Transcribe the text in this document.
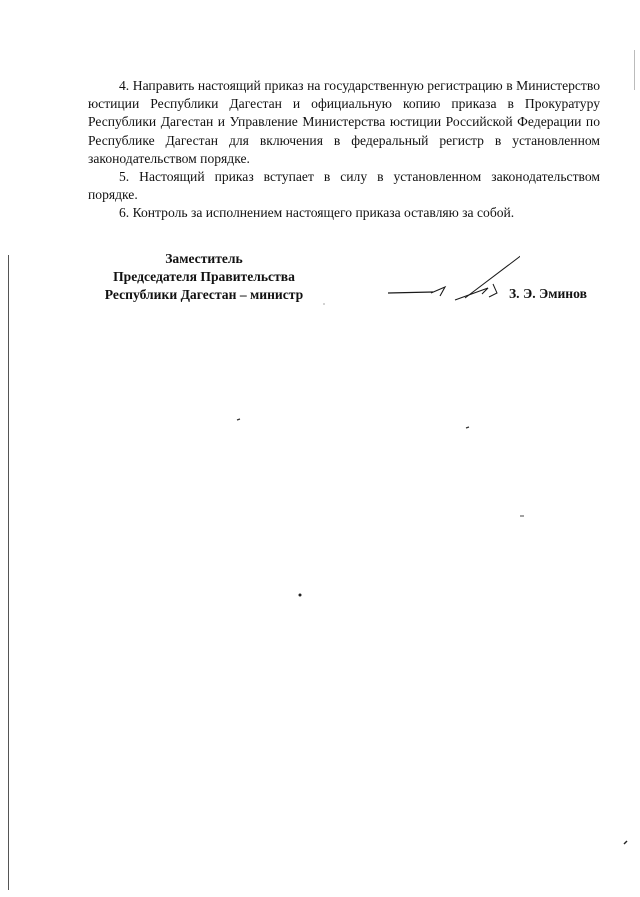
4. Направить настоящий приказ на государственную регистрацию в Министерство юстиции Республики Дагестан и официальную копию приказа в Прокуратуру Республики Дагестан и Управление Министерства юстиции Российской Федерации по Республике Дагестан для включения в федеральный регистр в установленном законодательством порядке.

5. Настоящий приказ вступает в силу в установленном законодательством порядке.

6. Контроль за исполнением настоящего приказа оставляю за собой.

Заместитель
Председателя Правительства
Республики Дагестан – министр	З. Э. Эминов
